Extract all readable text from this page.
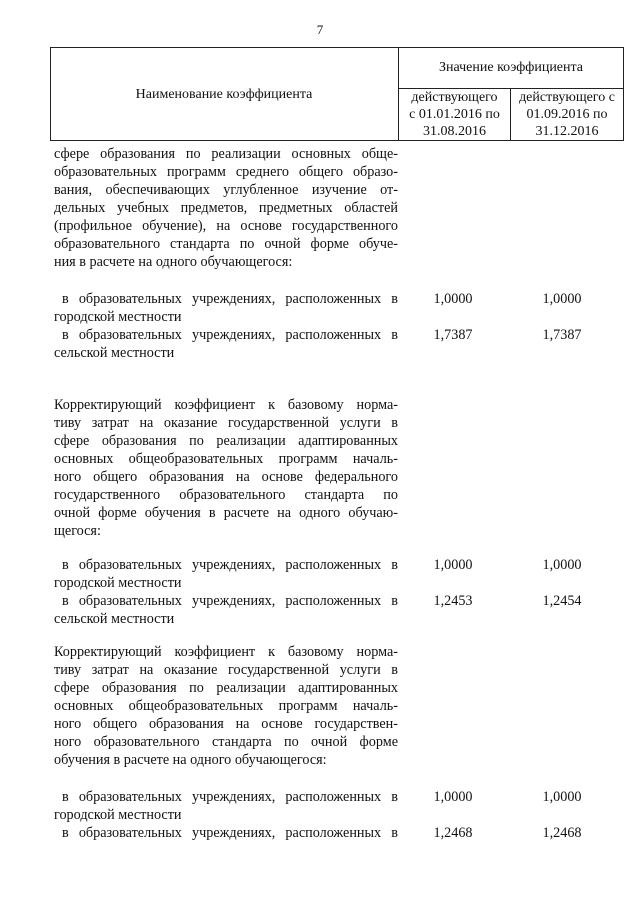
7
Наименование коэффициента
Значение коэффициента
действующего
с 01.01.2016 по
31.08.2016
действующего с
01.09.2016 по
31.12.2016
сфере образования по реализации основных обще-
образовательных программ среднего общего образо-
вания, обеспечивающих углубленное изучение от-
дельных учебных предметов, предметных областей
(профильное обучение), на основе государственного
образовательного стандарта по очной форме обуче-
ния в расчете на одного обучающегося:
в образовательных учреждениях, расположенных в
городской местности
1,0000	1,0000
в образовательных учреждениях, расположенных в
сельской местности
1,7387	1,7387
Корректирующий коэффициент к базовому норма-
тиву затрат на оказание государственной услуги в
сфере образования по реализации адаптированных
основных общеобразовательных программ началь-
ного общего образования на основе федерального
государственного образовательного стандарта по
очной форме обучения в расчете на одного обучаю-
щегося:
в образовательных учреждениях, расположенных в
городской местности
1,0000	1,0000
в образовательных учреждениях, расположенных в
сельской местности
1,2453	1,2454
Корректирующий коэффициент к базовому норма-
тиву затрат на оказание государственной услуги в
сфере образования по реализации адаптированных
основных общеобразовательных программ началь-
ного общего образования на основе государствен-
ного образовательного стандарта по очной форме
обучения в расчете на одного обучающегося:
в образовательных учреждениях, расположенных в
городской местности
1,0000	1,0000
в образовательных учреждениях, расположенных в	1,2468	1,2468
